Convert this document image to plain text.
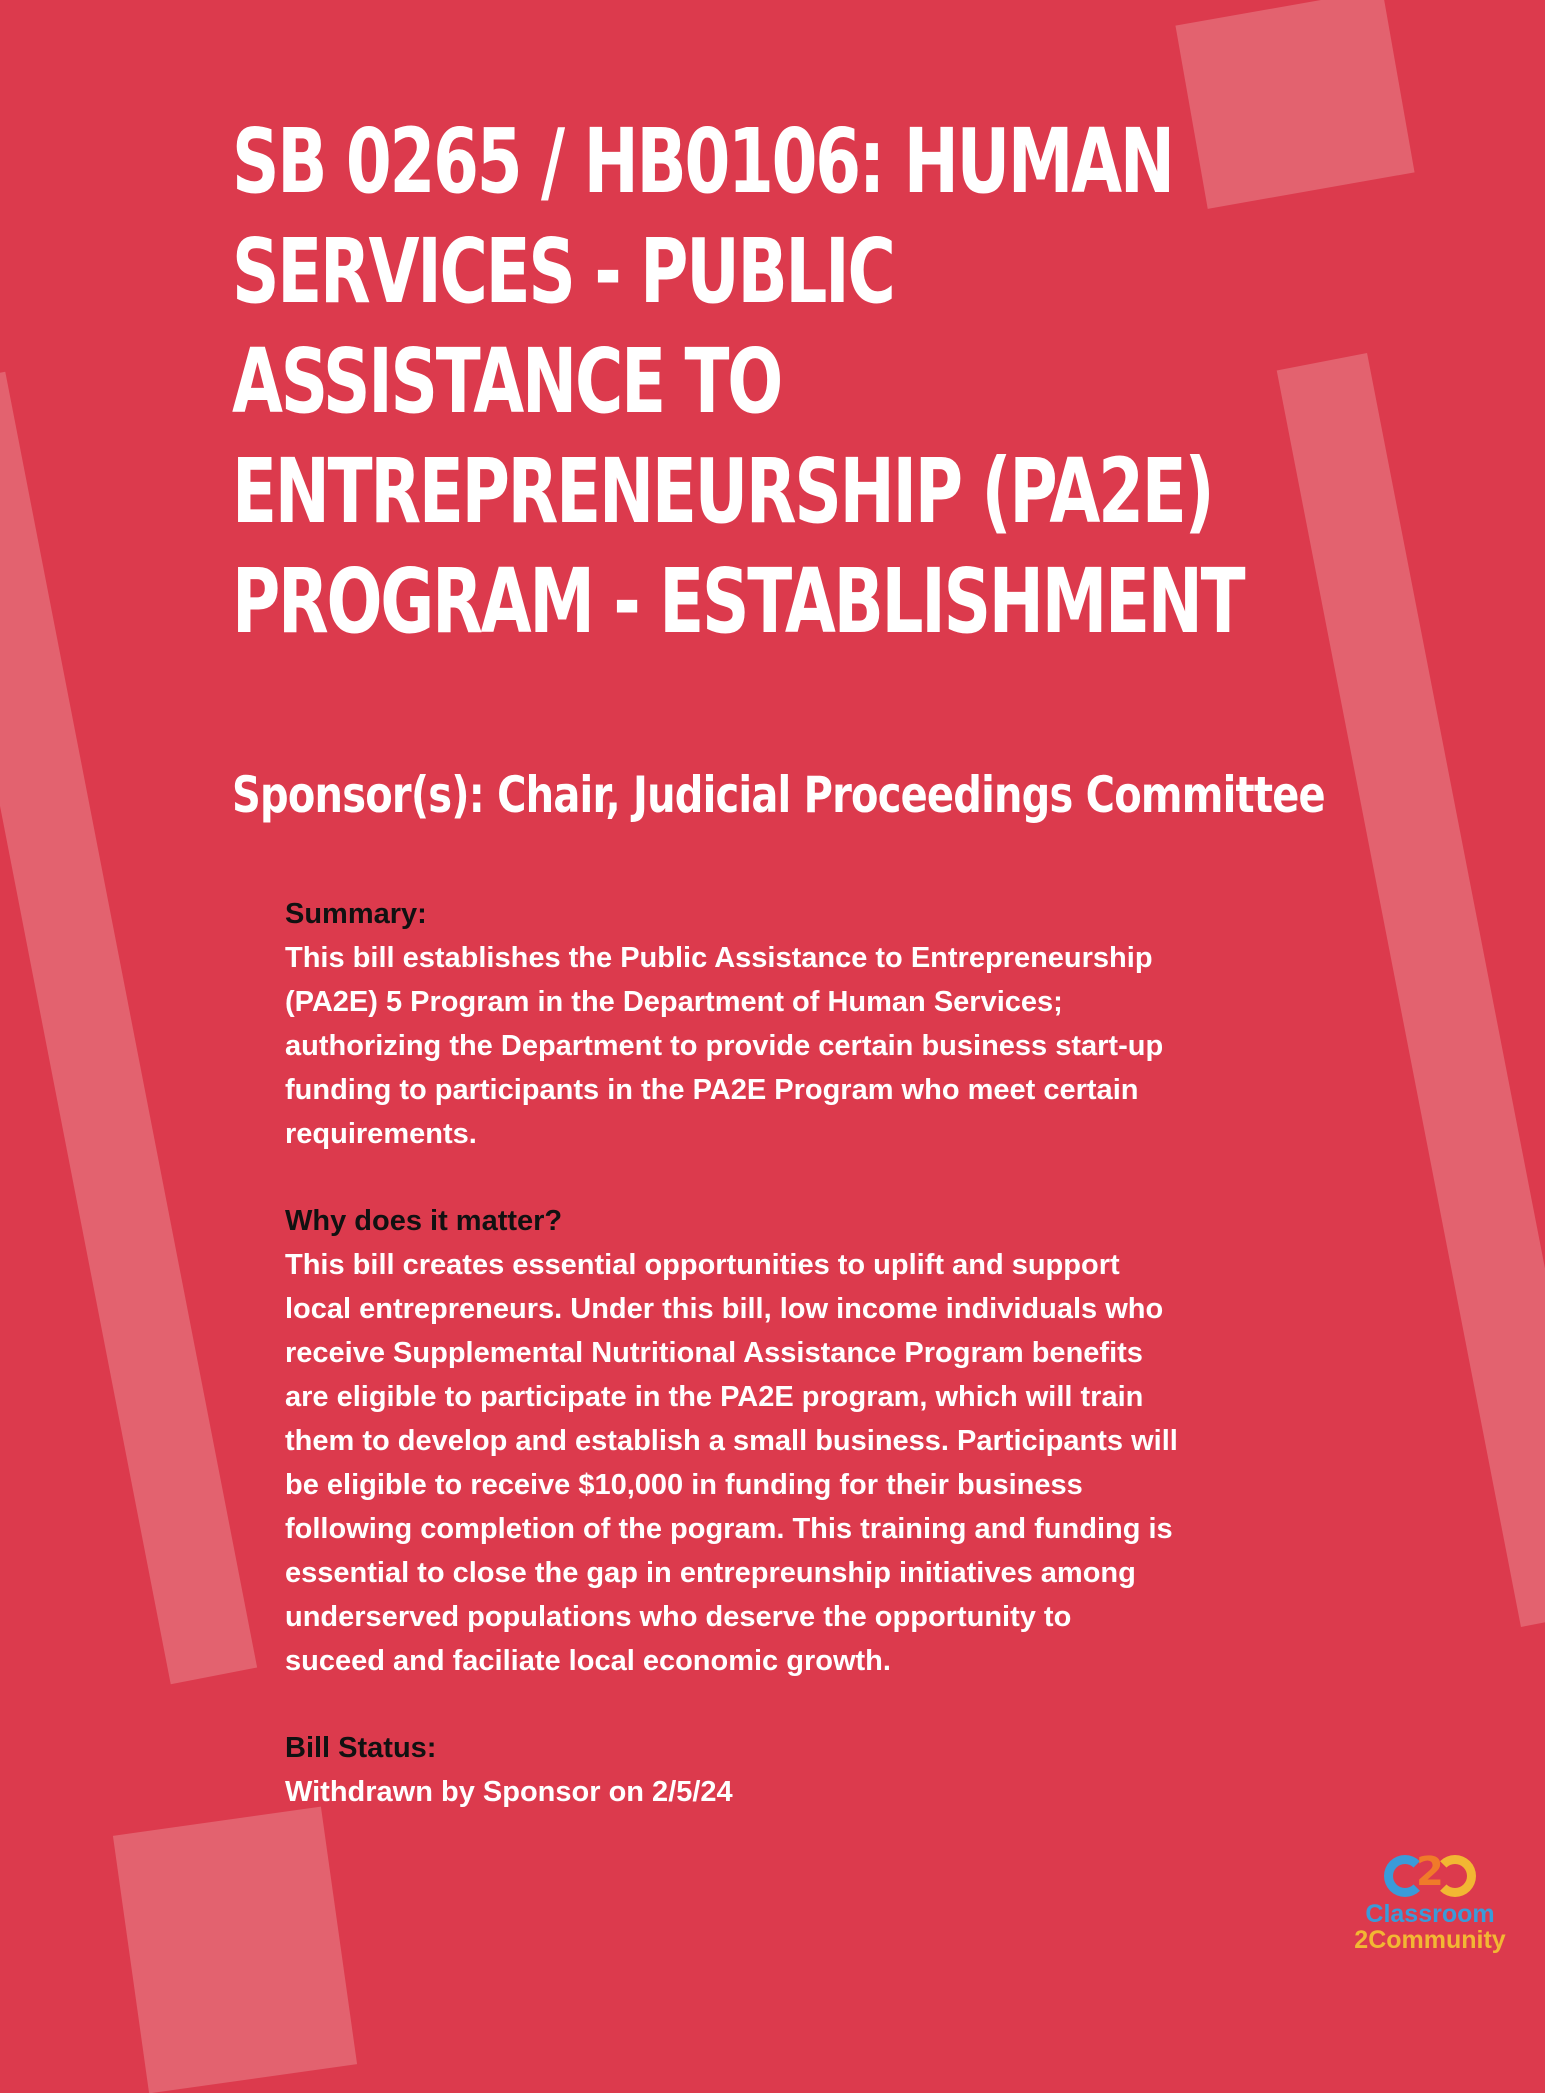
SB 0265 / HB0106: HUMAN
SERVICES - PUBLIC
ASSISTANCE TO
ENTREPRENEURSHIP (PA2E)
PROGRAM - ESTABLISHMENT
Sponsor(s): Chair, Judicial Proceedings Committee
Summary:
This bill establishes the Public Assistance to Entrepreneurship
(PA2E) 5 Program in the Department of Human Services;
authorizing the Department to provide certain business start-up
funding to participants in the PA2E Program who meet certain
requirements.
Why does it matter?
This bill creates essential opportunities to uplift and support
local entrepreneurs. Under this bill, low income individuals who
receive Supplemental Nutritional Assistance Program benefits
are eligible to participate in the PA2E program, which will train
them to develop and establish a small business. Participants will
be eligible to receive $10,000 in funding for their business
following completion of the pogram. This training and funding is
essential to close the gap in entrepreunship initiatives among
underserved populations who deserve the opportunity to
suceed and faciliate local economic growth.
Bill Status:
Withdrawn by Sponsor on 2/5/24
2
Classroom
2Community
